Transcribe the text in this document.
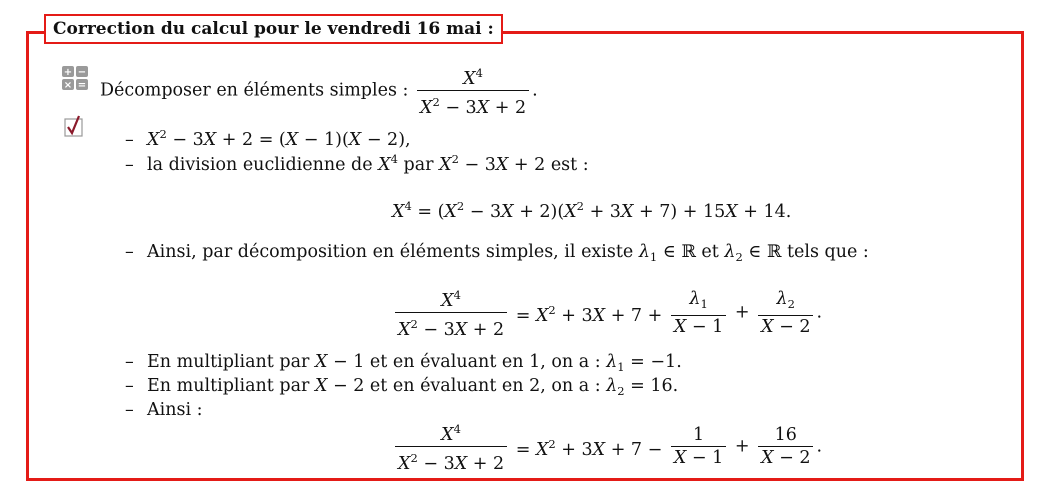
Correction du calcul pour le vendredi 16 mai :
+ −
× = Décomposer en éléments simples : $\frac{X^4}{X^2 - 3X + 2}$ .
– $X^2 - 3X + 2 = (X - 1)(X - 2)$,
– la division euclidienne de $X^4$ par $X^2 - 3X + 2$ est :
$X^4 = (X^2 - 3X + 2)(X^2 + 3X + 7) + 15X + 14$.
– Ainsi, par décomposition en éléments simples, il existe $\lambda_1$ ∈ ℝ et $\lambda_2$ ∈ ℝ tels que :
$\frac{X^4}{X^2 - 3X + 2} = X^2 + 3X + 7 + \frac{\lambda_1}{X - 1} + \frac{\lambda_2}{X - 2}$ .
– En multipliant par X − 1 et en évaluant en 1, on a : $\lambda_1 = -1$.
– En multipliant par X − 2 et en évaluant en 2, on a : $\lambda_2 = 16$.
– Ainsi :
$\frac{X^4}{X^2 - 3X + 2} = X^2 + 3X + 7 - \frac{1}{X - 1} + \frac{16}{X - 2}$ .
